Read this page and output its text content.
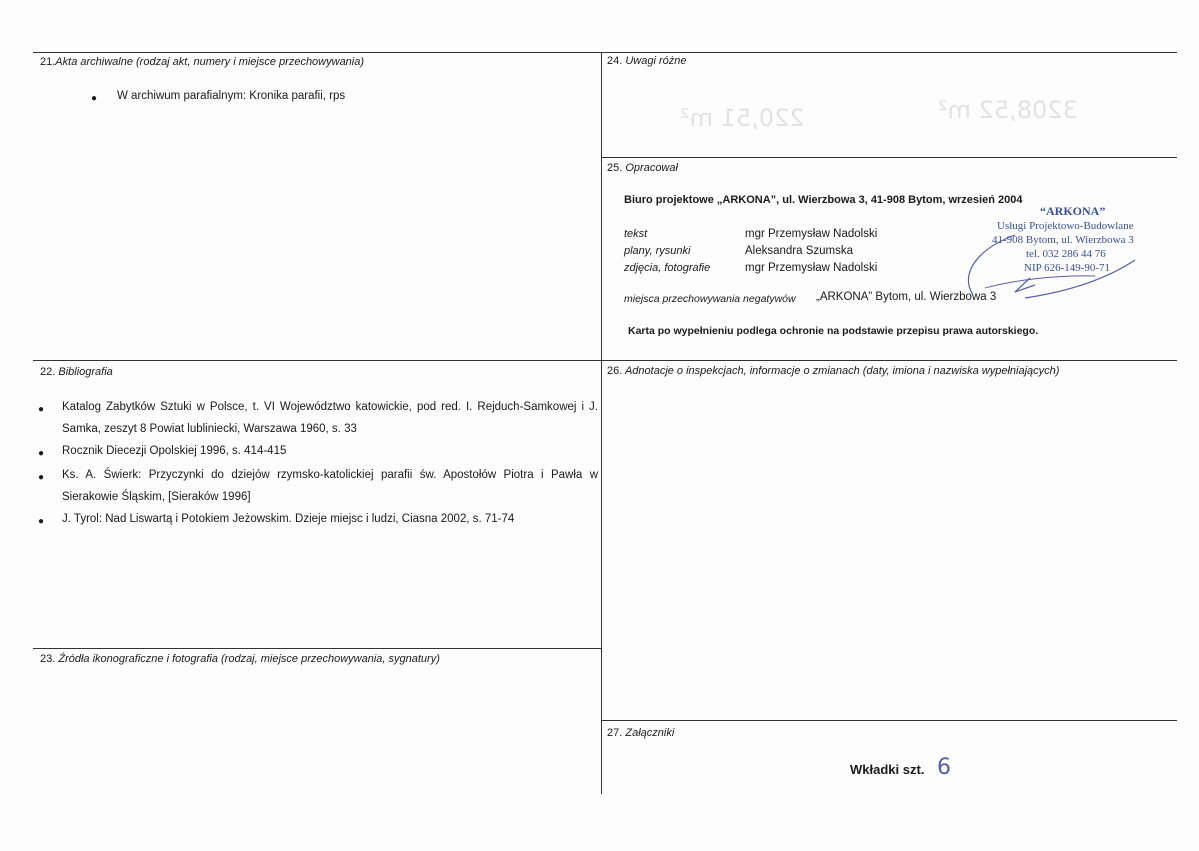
21.Akta archiwalne (rodzaj akt, numery i miejsce przechowywania)
● W archiwum parafialnym: Kronika parafii, rps
22. Bibliografia
● Katalog Zabytków Sztuki w Polsce, t. VI Województwo katowickie, pod red. I. Rejduch-Samkowej i J. Samka, zeszyt 8 Powiat lubliniecki, Warszawa 1960, s. 33
● Rocznik Diecezji Opolskiej 1996, s. 414-415
● Ks. A. Świerk: Przyczynki do dziejów rzymsko-katolickiej parafii św. Apostołów Piotra i Pawła w Sierakowie Śląskim, [Sieraków 1996]
● J. Tyrol: Nad Liswartą i Potokiem Jeżowskim. Dzieje miejsc i ludzi, Ciasna 2002, s. 71-74
23. Źródła ikonograficzne i fotografia (rodzaj, miejsce przechowywania, sygnatury)
24. Uwagi różne
220,51 m²	3208,52 m²
25. Opracował
Biuro projektowe „ARKONA”, ul. Wierzbowa 3, 41-908 Bytom, wrzesień 2004
tekst	mgr Przemysław Nadolski
plany, rysunki	Aleksandra Szumska
zdjęcia, fotografie	mgr Przemysław Nadolski
miejsca przechowywania negatywów „ARKONA” Bytom, ul. Wierzbowa 3
Karta po wypełnieniu podlega ochronie na podstawie przepisu prawa autorskiego.
“ARKONA”
Usługi Projektowo-Budowlane
41-908 Bytom, ul. Wierzbowa 3
tel. 032 286 44 76
NIP 626-149-90-71
26. Adnotacje o inspekcjach, informacje o zmianach (daty, imiona i nazwiska wypełniających)
27. Załączniki
Wkładki szt. 6
